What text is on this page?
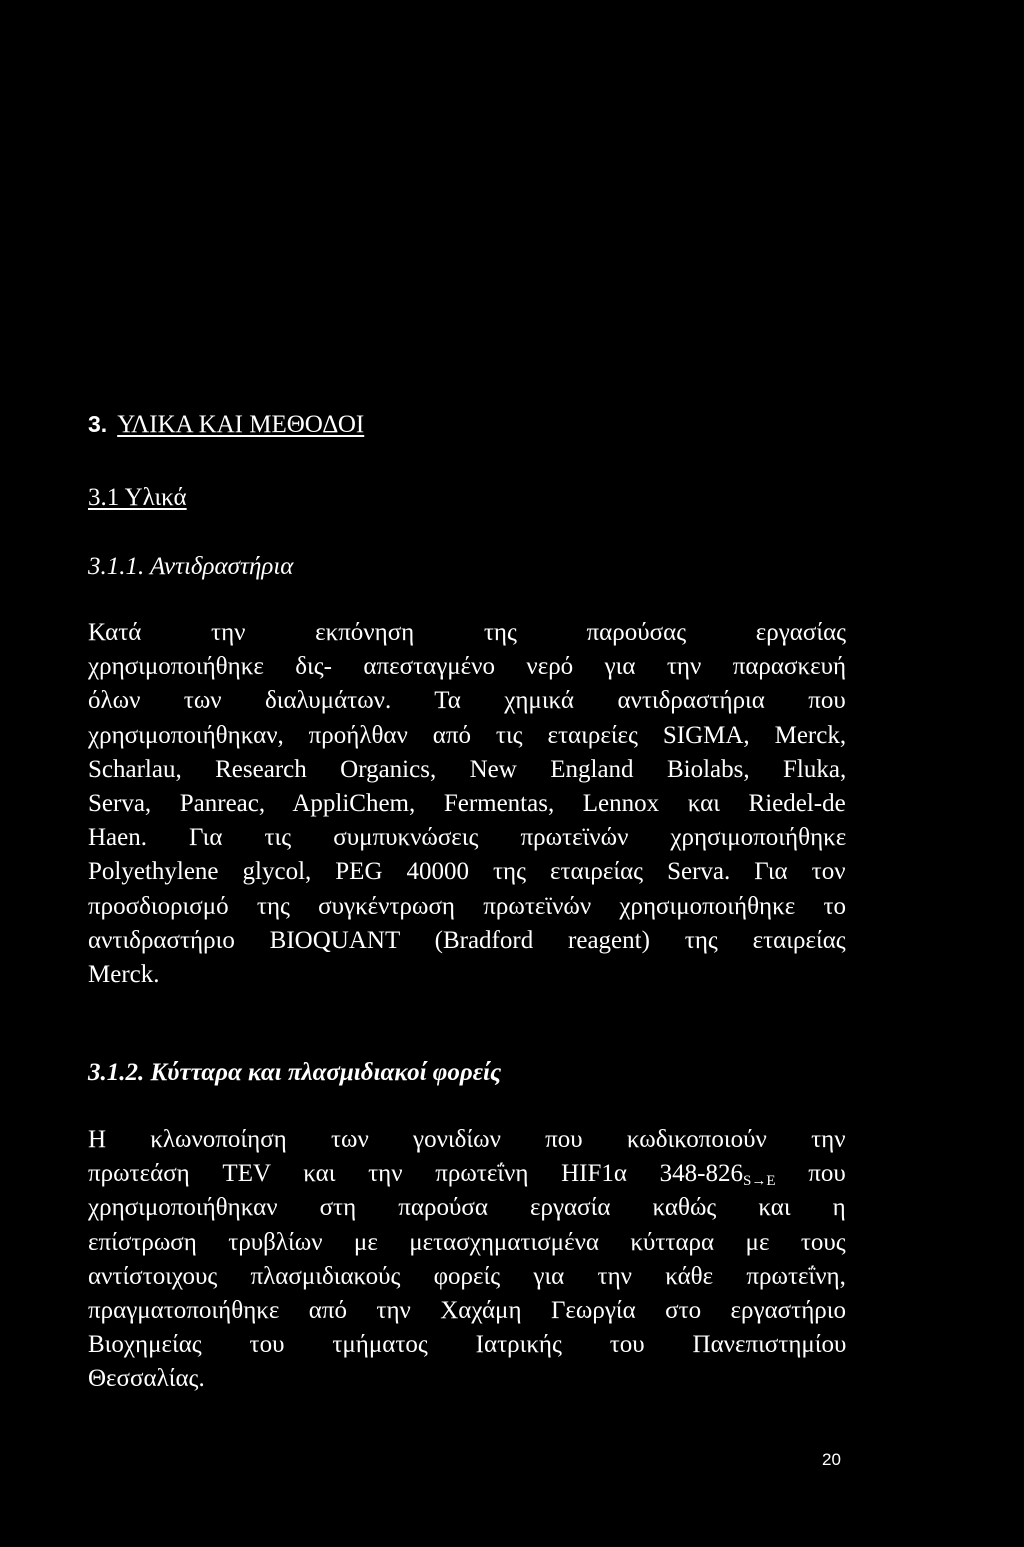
3. ΥΛΙΚΑ ΚΑΙ ΜΕΘΟΔΟΙ
3.1 Υλικά
3.1.1. Αντιδραστήρια
Κατά την εκπόνηση της παρούσας εργασίας
χρησιμοποιήθηκε δις- απεσταγμένο νερό για την παρασκευή
όλων των διαλυμάτων. Τα χημικά αντιδραστήρια που
χρησιμοποιήθηκαν, προήλθαν από τις εταιρείες SIGMA, Merck,
Scharlau, Research Organics, New England Biolabs, Fluka,
Serva, Panreac, AppliChem, Fermentas, Lennox και Riedel-de
Haen. Για τις συμπυκνώσεις πρωτεϊνών χρησιμοποιήθηκε
Polyethylene glycol, PEG 40000 της εταιρείας Serva. Για τον
προσδιορισμό της συγκέντρωση πρωτεϊνών χρησιμοποιήθηκε το
αντιδραστήριο BIOQUANT (Bradford reagent) της εταιρείας
Merck.
3.1.2. Κύτταρα και πλασμιδιακοί φορείς
Η κλωνοποίηση των γονιδίων που κωδικοποιούν την
πρωτεάση TEV και την πρωτεΐνη HIF1α $348-826_{S\to E}$ που
χρησιμοποιήθηκαν στη παρούσα εργασία καθώς και η
επίστρωση τρυβλίων με μετασχηματισμένα κύτταρα με τους
αντίστοιχους πλασμιδιακούς φορείς για την κάθε πρωτεΐνη,
πραγματοποιήθηκε από την Χαχάμη Γεωργία στο εργαστήριο
Βιοχημείας του τμήματος Ιατρικής του Πανεπιστημίου
Θεσσαλίας.
20
